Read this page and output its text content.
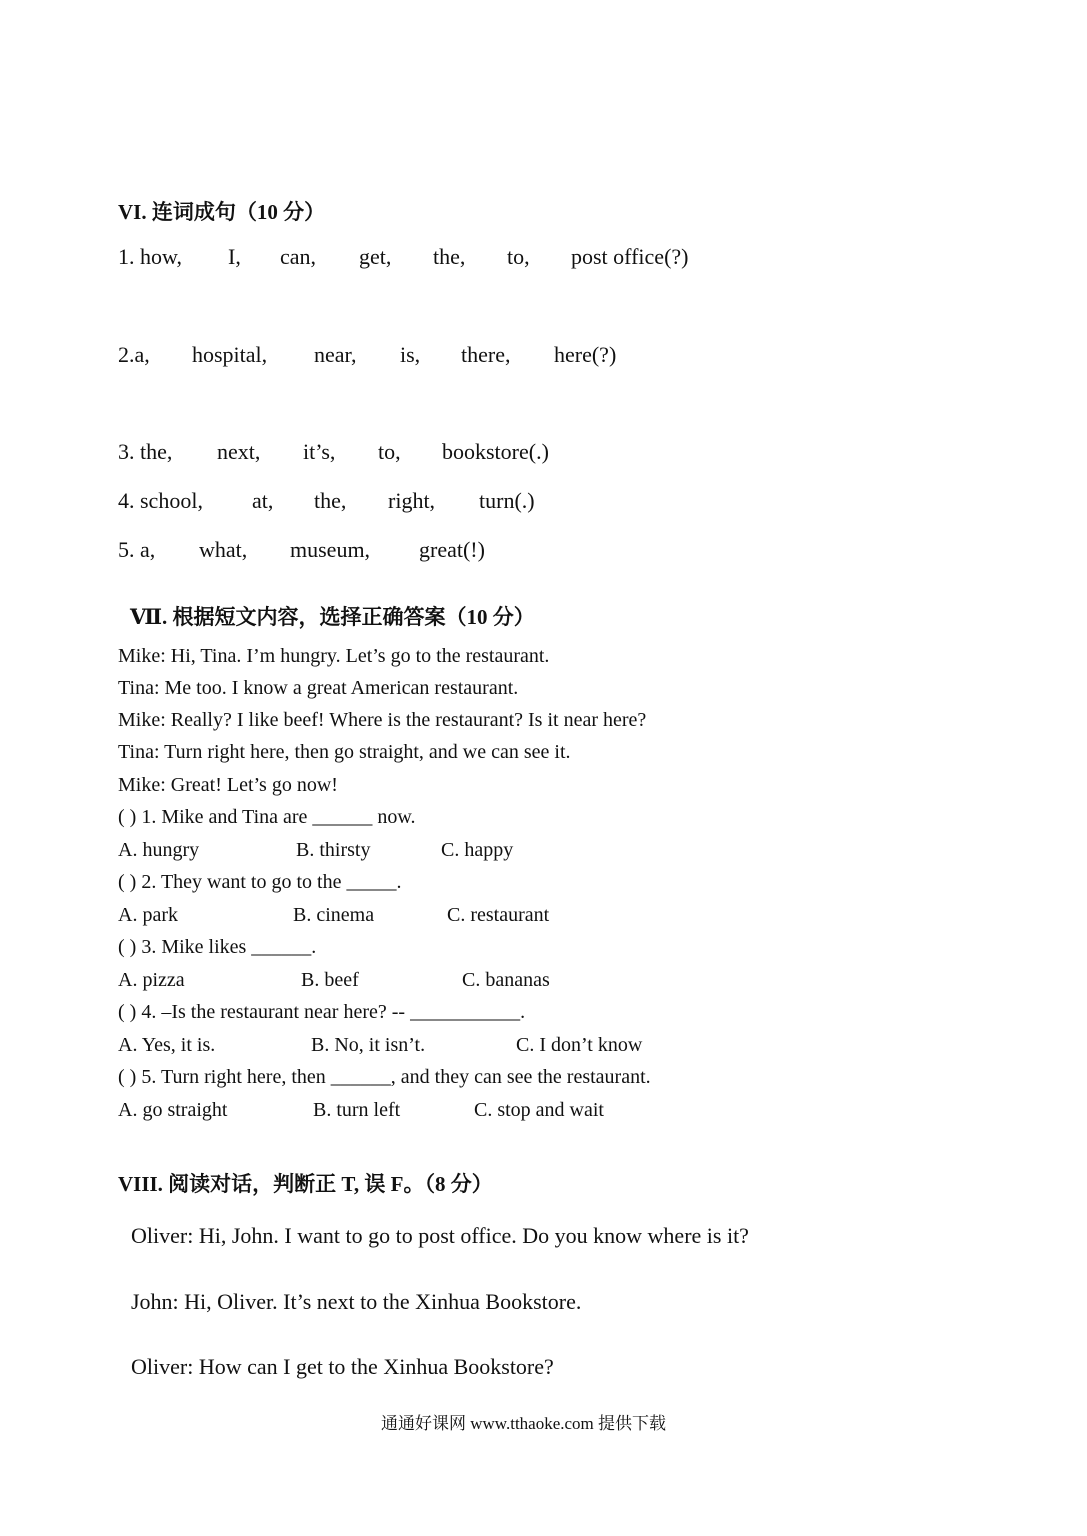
VI. 连词成句（10 分）
1. how, I, can, get, the, to, post office(?)
2.a, hospital, near, is, there, here(?)
3. the, next, it’s, to, bookstore(.)
4. school, at, the, right, turn(.)
5. a, what, museum, great(!)
Ⅶ. 根据短文内容，选择正确答案（10 分）
Mike: Hi, Tina. I’m hungry. Let’s go to the restaurant.
Tina: Me too. I know a great American restaurant.
Mike: Really? I like beef! Where is the restaurant? Is it near here?
Tina: Turn right here, then go straight, and we can see it.
Mike: Great! Let’s go now!
( ) 1. Mike and Tina are ______ now.
A. hungry	B. thirsty	C. happy
( ) 2. They want to go to the _____.
A. park	B. cinema	C. restaurant
( ) 3. Mike likes ______.
A. pizza	B. beef	C. bananas
( ) 4. –Is the restaurant near here? -- ___________.
A. Yes, it is.	B. No, it isn’t.	C. I don’t know
( ) 5. Turn right here, then ______, and they can see the restaurant.
A. go straight	B. turn left	C. stop and wait
VIII. 阅读对话，判断正 T, 误 F。（8 分）
Oliver: Hi, John. I want to go to post office. Do you know where is it?
John: Hi, Oliver. It’s next to the Xinhua Bookstore.
Oliver: How can I get to the Xinhua Bookstore?
通通好课网 www.tthaoke.com 提供下载
